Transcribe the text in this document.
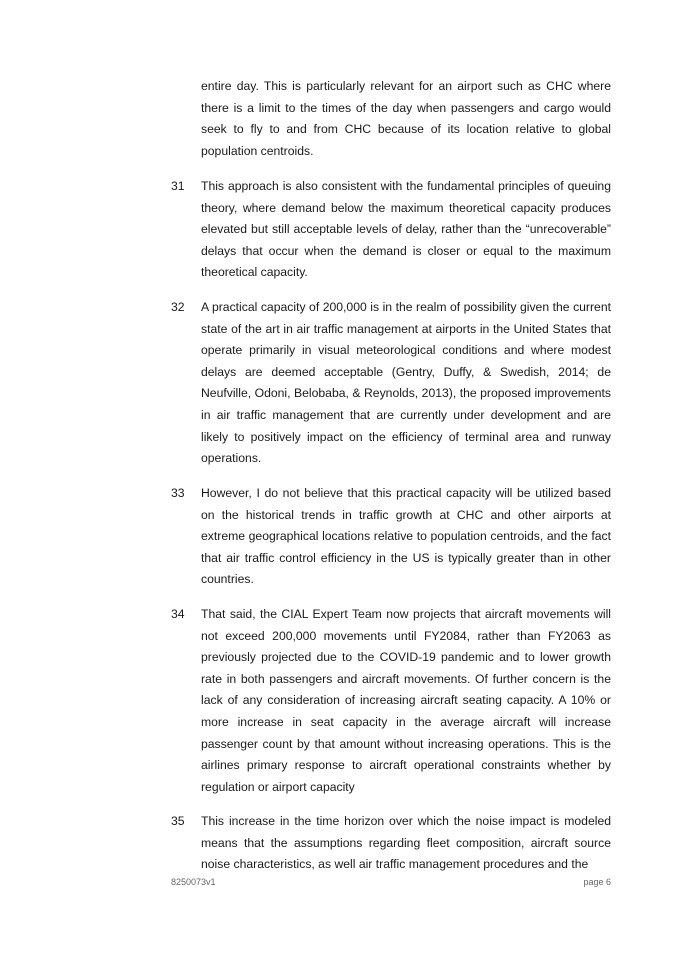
entire day. This is particularly relevant for an airport such as CHC where there is a limit to the times of the day when passengers and cargo would seek to fly to and from CHC because of its location relative to global population centroids.

31 This approach is also consistent with the fundamental principles of queuing theory, where demand below the maximum theoretical capacity produces elevated but still acceptable levels of delay, rather than the “unrecoverable” delays that occur when the demand is closer or equal to the maximum theoretical capacity.

32 A practical capacity of 200,000 is in the realm of possibility given the current state of the art in air traffic management at airports in the United States that operate primarily in visual meteorological conditions and where modest delays are deemed acceptable (Gentry, Duffy, & Swedish, 2014; de Neufville, Odoni, Belobaba, & Reynolds, 2013), the proposed improvements in air traffic management that are currently under development and are likely to positively impact on the efficiency of terminal area and runway operations.

33 However, I do not believe that this practical capacity will be utilized based on the historical trends in traffic growth at CHC and other airports at extreme geographical locations relative to population centroids, and the fact that air traffic control efficiency in the US is typically greater than in other countries.

34 That said, the CIAL Expert Team now projects that aircraft movements will not exceed 200,000 movements until FY2084, rather than FY2063 as previously projected due to the COVID-19 pandemic and to lower growth rate in both passengers and aircraft movements. Of further concern is the lack of any consideration of increasing aircraft seating capacity. A 10% or more increase in seat capacity in the average aircraft will increase passenger count by that amount without increasing operations. This is the airlines primary response to aircraft operational constraints whether by regulation or airport capacity

35 This increase in the time horizon over which the noise impact is modeled means that the assumptions regarding fleet composition, aircraft source noise characteristics, as well air traffic management procedures and the

8250073v1	page 6
